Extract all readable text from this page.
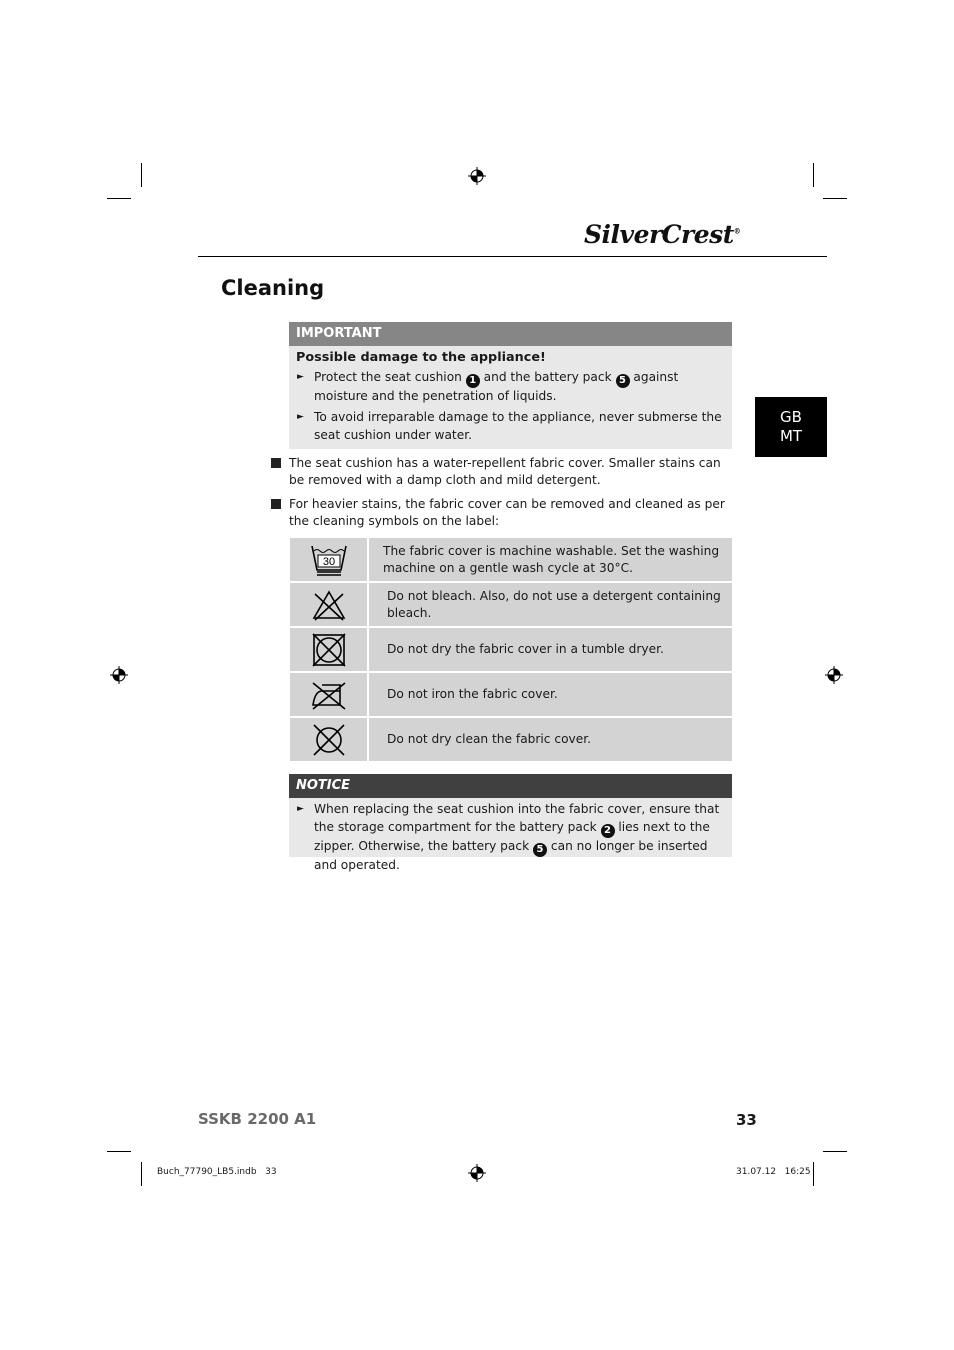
SilverCrest®
Cleaning
IMPORTANT
Possible damage to the appliance!
► Protect the seat cushion 1 and the battery pack 5 against moisture and the penetration of liquids.
► To avoid irreparable damage to the appliance, never submerse the seat cushion under water.
The seat cushion has a water-repellent fabric cover. Smaller stains can be removed with a damp cloth and mild detergent.
For heavier stains, the fabric cover can be removed and cleaned as per the cleaning symbols on the label:
30
The fabric cover is machine washable. Set the washing machine on a gentle wash cycle at 30°C.
Do not bleach. Also, do not use a detergent containing bleach.
Do not dry the fabric cover in a tumble dryer.
Do not iron the fabric cover.
Do not dry clean the fabric cover.
NOTICE
► When replacing the seat cushion into the fabric cover, ensure that the storage compartment for the battery pack 2 lies next to the zipper. Otherwise, the battery pack 5 can no longer be inserted and operated.
GB
MT
SSKB 2200 A1	33
Buch_77790_LB5.indb   33	31.07.12   16:25
